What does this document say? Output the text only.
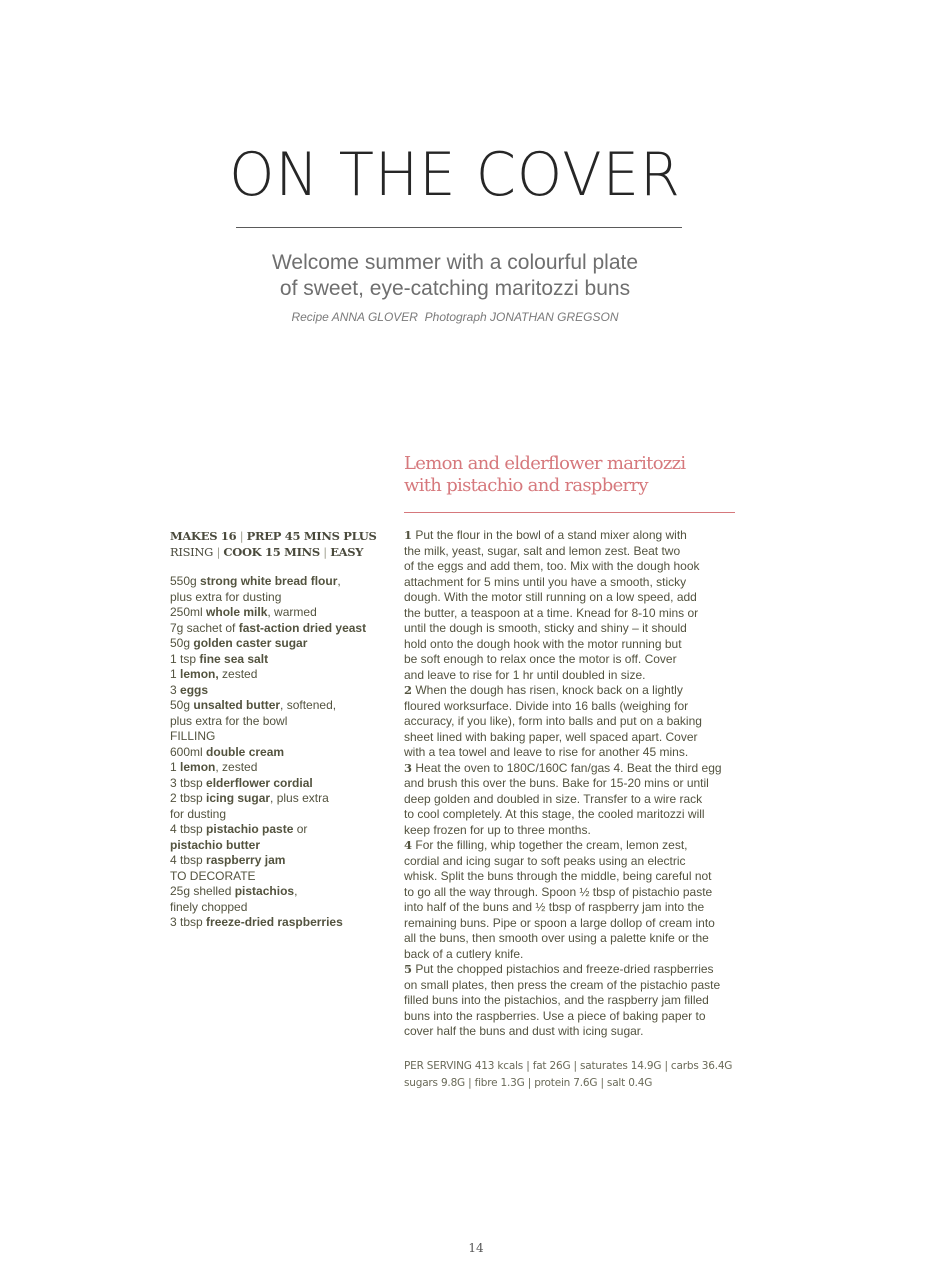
ON THE COVER
Welcome summer with a colourful plate
of sweet, eye-catching maritozzi buns
Recipe ANNA GLOVER Photograph JONATHAN GREGSON
Lemon and elderflower maritozzi
with pistachio and raspberry
MAKES 16 | PREP 45 MINS PLUS
RISING | COOK 15 MINS | EASY
550g strong white bread flour,
plus extra for dusting
250ml whole milk, warmed
7g sachet of fast-action dried yeast
50g golden caster sugar
1 tsp fine sea salt
1 lemon, zested
3 eggs
50g unsalted butter, softened,
plus extra for the bowl
FILLING
600ml double cream
1 lemon, zested
3 tbsp elderflower cordial
2 tbsp icing sugar, plus extra
for dusting
4 tbsp pistachio paste or
pistachio butter
4 tbsp raspberry jam
TO DECORATE
25g shelled pistachios,
finely chopped
3 tbsp freeze-dried raspberries
1 Put the flour in the bowl of a stand mixer along with
the milk, yeast, sugar, salt and lemon zest. Beat two
of the eggs and add them, too. Mix with the dough hook
attachment for 5 mins until you have a smooth, sticky
dough. With the motor still running on a low speed, add
the butter, a teaspoon at a time. Knead for 8-10 mins or
until the dough is smooth, sticky and shiny – it should
hold onto the dough hook with the motor running but
be soft enough to relax once the motor is off. Cover
and leave to rise for 1 hr until doubled in size.
2 When the dough has risen, knock back on a lightly
floured worksurface. Divide into 16 balls (weighing for
accuracy, if you like), form into balls and put on a baking
sheet lined with baking paper, well spaced apart. Cover
with a tea towel and leave to rise for another 45 mins.
3 Heat the oven to 180C/160C fan/gas 4. Beat the third egg
and brush this over the buns. Bake for 15-20 mins or until
deep golden and doubled in size. Transfer to a wire rack
to cool completely. At this stage, the cooled maritozzi will
keep frozen for up to three months.
4 For the filling, whip together the cream, lemon zest,
cordial and icing sugar to soft peaks using an electric
whisk. Split the buns through the middle, being careful not
to go all the way through. Spoon ½ tbsp of pistachio paste
into half of the buns and ½ tbsp of raspberry jam into the
remaining buns. Pipe or spoon a large dollop of cream into
all the buns, then smooth over using a palette knife or the
back of a cutlery knife.
5 Put the chopped pistachios and freeze-dried raspberries
on small plates, then press the cream of the pistachio paste
filled buns into the pistachios, and the raspberry jam filled
buns into the raspberries. Use a piece of baking paper to
cover half the buns and dust with icing sugar.
PER SERVING 413 kcals | fat 26G | saturates 14.9G | carbs 36.4G
sugars 9.8G | fibre 1.3G | protein 7.6G | salt 0.4G
14
